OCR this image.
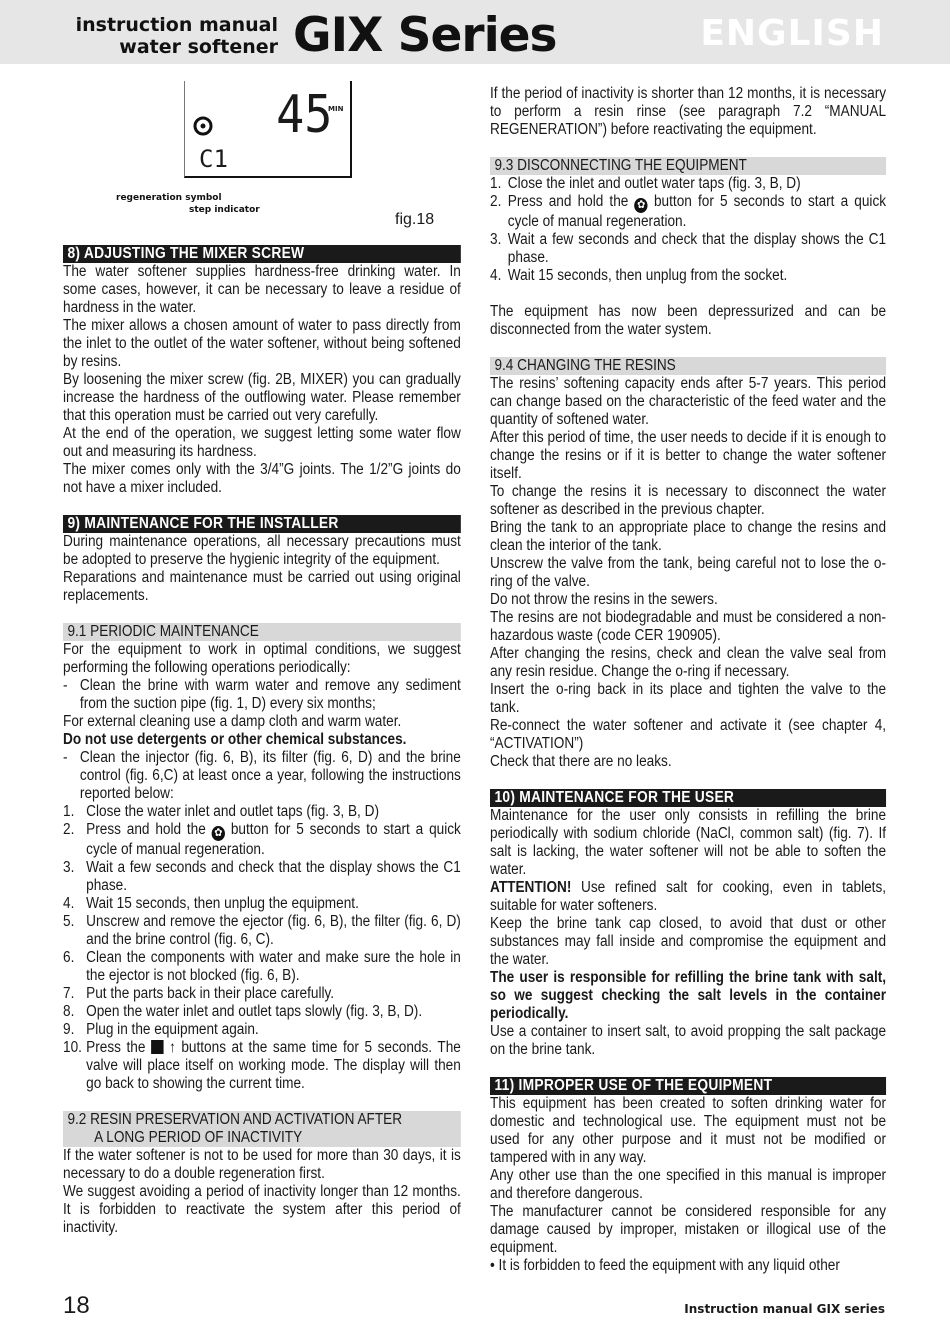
instruction manual
water softener GIX Series	ENGLISH
45
MIN
C1
regeneration symbol
step indicator
fig.18
8) ADJUSTING THE MIXER SCREW

The water softener supplies hardness-free drinking water. In some cases, however, it can be necessary to leave a residue of hardness in the water.

The mixer allows a chosen amount of water to pass directly from the inlet to the outlet of the water softener, without being softened by resins.

By loosening the mixer screw (fig. 2B, MIXER) you can gradually increase the hardness of the outflowing water. Please remember that this operation must be carried out very carefully.

At the end of the operation, we suggest letting some water flow out and measuring its hardness.

The mixer comes only with the 3/4”G joints. The 1/2”G joints do not have a mixer included.

9) MAINTENANCE FOR THE INSTALLER

During maintenance operations, all necessary precautions must be adopted to preserve the hygienic integrity of the equipment.

Reparations and maintenance must be carried out using original replacements.

9.1 PERIODIC MAINTENANCE

For the equipment to work in optimal conditions, we suggest performing the following operations periodically:

- Clean the brine with warm water and remove any sediment from the suction pipe (fig. 1, D) every six months;

For external cleaning use a damp cloth and warm water.

Do not use detergents or other chemical substances.

- Clean the injector (fig. 6, B), its filter (fig. 6, D) and the brine control (fig. 6,C) at least once a year, following the instructions reported below:
1. Close the water inlet and outlet taps (fig. 3, B, D)
2. Press and hold the ✿ button for 5 seconds to start a quick cycle of manual regeneration.
3. Wait a few seconds and check that the display shows the C1 phase.
4. Wait 15 seconds, then unplug the equipment.
5. Unscrew and remove the ejector (fig. 6, B), the filter (fig. 6, D) and the brine control (fig. 6, C).
6. Clean the components with water and make sure the hole in the ejector is not blocked (fig. 6, B).
7. Put the parts back in their place carefully.
8. Open the water inlet and outlet taps slowly (fig. 3, B, D).
9. Plug in the equipment again.
10. Press the ↑ buttons at the same time for 5 seconds. The valve will place itself on working mode. The display will then go back to showing the current time.
9.2 RESIN PRESERVATION AND ACTIVATION AFTER
A LONG PERIOD OF INACTIVITY

If the water softener is not to be used for more than 30 days, it is necessary to do a double regeneration first.

We suggest avoiding a period of inactivity longer than 12 months. It is forbidden to reactivate the system after this period of inactivity.

If the period of inactivity is shorter than 12 months, it is necessary to perform a resin rinse (see paragraph 7.2 “MANUAL REGENERATION”) before reactivating the equipment.

9.3 DISCONNECTING THE EQUIPMENT
1. Close the inlet and outlet water taps (fig. 3, B, D)
2. Press and hold the ✿ button for 5 seconds to start a quick cycle of manual regeneration.
3. Wait a few seconds and check that the display shows the C1 phase.
4. Wait 15 seconds, then unplug from the socket.

The equipment has now been depressurized and can be disconnected from the water system.

9.4 CHANGING THE RESINS

The resins’ softening capacity ends after 5-7 years. This period can change based on the characteristic of the feed water and the quantity of softened water.

After this period of time, the user needs to decide if it is enough to change the resins or if it is better to change the water softener itself.

To change the resins it is necessary to disconnect the water softener as described in the previous chapter.

Bring the tank to an appropriate place to change the resins and clean the interior of the tank.

Unscrew the valve from the tank, being careful not to lose the o-ring of the valve.

Do not throw the resins in the sewers.

The resins are not biodegradable and must be considered a non-hazardous waste (code CER 190905).

After changing the resins, check and clean the valve seal from any resin residue. Change the o-ring if necessary.

Insert the o-ring back in its place and tighten the valve to the tank.

Re-connect the water softener and activate it (see chapter 4, “ACTIVATION”)

Check that there are no leaks.

10) MAINTENANCE FOR THE USER

Maintenance for the user only consists in refilling the brine periodically with sodium chloride (NaCl, common salt) (fig. 7). If salt is lacking, the water softener will not be able to soften the water.

ATTENTION! Use refined salt for cooking, even in tablets, suitable for water softeners.

Keep the brine tank cap closed, to avoid that dust or other substances may fall inside and compromise the equipment and the water.

The user is responsible for refilling the brine tank with salt, so we suggest checking the salt levels in the container periodically.

Use a container to insert salt, to avoid propping the salt package on the brine tank.

11) IMPROPER USE OF THE EQUIPMENT

This equipment has been created to soften drinking water for domestic and technological use. The equipment must not be used for any other purpose and it must not be modified or tampered with in any way.

Any other use than the one specified in this manual is improper and therefore dangerous.

The manufacturer cannot be considered responsible for any damage caused by improper, mistaken or illogical use of the equipment.

• It is forbidden to feed the equipment with any liquid other

18	Instruction manual GIX series
